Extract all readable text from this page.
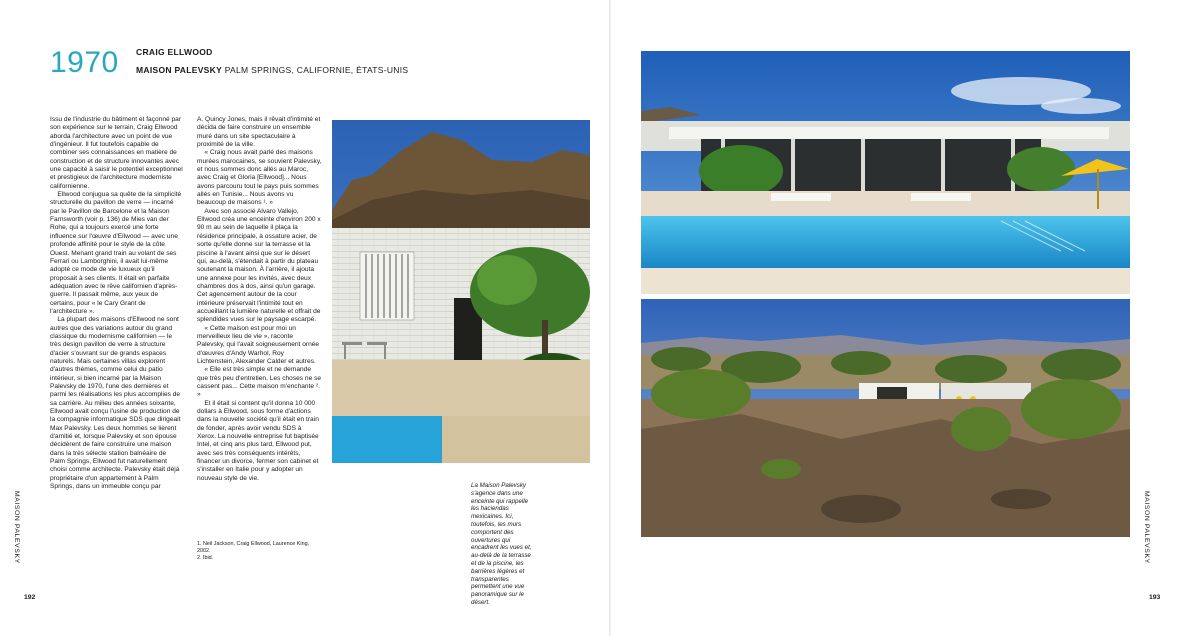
1970 CRAIG ELLWOOD
MAISON PALEVSKY PALM SPRINGS, CALIFORNIE, ÉTATS-UNIS
Issu de l'industrie du bâtiment et façonné par son expérience sur le terrain, Craig Ellwood aborda l'architecture avec un point de vue d'ingénieur. Il fut toutefois capable de combiner ses connaissances en matière de construction et de structure innovantes avec une capacité à saisir le potentiel exceptionnel et prestigieux de l'architecture moderniste californienne.
Ellwood conjugua sa quête de la simplicité structurelle du pavillon de verre — incarné par le Pavillon de Barcelone et la Maison Farnsworth (voir p. 136) de Mies van der Rohe, qui a toujours exercé une forte influence sur l'œuvre d'Ellwood — avec une profonde affinité pour le style de la côte Ouest. Menant grand train au volant de ses Ferrari ou Lamborghini, il avait lui-même adopté ce mode de vie luxueux qu'il proposait à ses clients. Il était en parfaite adéquation avec le rêve californien d'après-guerre. Il passait même, aux yeux de certains, pour « le Cary Grant de l'architecture ».
La plupart des maisons d'Ellwood ne sont autres que des variations autour du grand classique du modernisme californien — le très design pavillon de verre à structure d'acier s'ouvrant sur de grands espaces naturels. Mais certaines villas explorent d'autres thèmes, comme celui du patio intérieur, si bien incarné par la Maison Palevsky de 1970, l'une des dernières et parmi les réalisations les plus accomplies de sa carrière. Au milieu des années soixante, Ellwood avait conçu l'usine de production de la compagnie informatique SDS que dirigeait Max Palevsky. Les deux hommes se lièrent d'amitié et, lorsque Palevsky et son épouse décidèrent de faire construire une maison dans la très sélecte station balnéaire de Palm Springs, Ellwood fut naturellement choisi comme architecte. Palevsky était déjà propriétaire d'un appartement à Palm Springs, dans un immeuble conçu par
A. Quincy Jones, mais il rêvait d'intimité et décida de faire construire un ensemble muré dans un site spectaculaire à proximité de la ville.
« Craig nous avait parlé des maisons murées marocaines, se souvient Palevsky, et nous sommes donc allés au Maroc, avec Craig et Gloria [Ellwood]... Nous avons parcouru tout le pays puis sommes allés en Tunisie... Nous avons vu beaucoup de maisons ¹. »
Avec son associé Alvaro Vallejo, Ellwood créa une enceinte d'environ 200 x 90 m au sein de laquelle il plaça la résidence principale, à ossature acier, de sorte qu'elle donne sur la terrasse et la piscine à l'avant ainsi que sur le désert qui, au-delà, s'étendait à partir du plateau soutenant la maison. À l'arrière, il ajouta une annexe pour les invités, avec deux chambres dos à dos, ainsi qu'un garage. Cet agencement autour de la cour intérieure préservait l'intimité tout en accueillant la lumière naturelle et offrait de splendides vues sur le paysage escarpé.
« Cette maison est pour moi un merveilleux lieu de vie », raconte Palevsky, qui l'avait soigneusement ornée d'œuvres d'Andy Warhol, Roy Lichtenstein, Alexander Calder et autres.
« Elle est très simple et ne demande que très peu d'entretien. Les choses ne se cassent pas... Cette maison m'enchante ². »
Et il était si content qu'il donna 10 000 dollars à Ellwood, sous forme d'actions dans la nouvelle société qu'il était en train de fonder, après avoir vendu SDS à Xerox. La nouvelle entreprise fut baptisée Intel, et cinq ans plus tard, Ellwood put, avec ses très conséquents intérêts, financer un divorce, fermer son cabinet et s'installer en Italie pour y adopter un nouveau style de vie.
1. Neil Jackson, Craig Ellwood, Laurence King, 2002.
2. Ibid.
La Maison Palevsky s'agence dans une enceinte qui rappelle les haciendas mexicaines. Ici, toutefois, les murs comportent des ouvertures qui encadrent les vues et, au-delà de la terrasse et de la piscine, les barrières légères et transparentes permettent une vue panoramique sur le désert.
MAISON PALEVSKY
192
MAISON PALEVSKY
193
